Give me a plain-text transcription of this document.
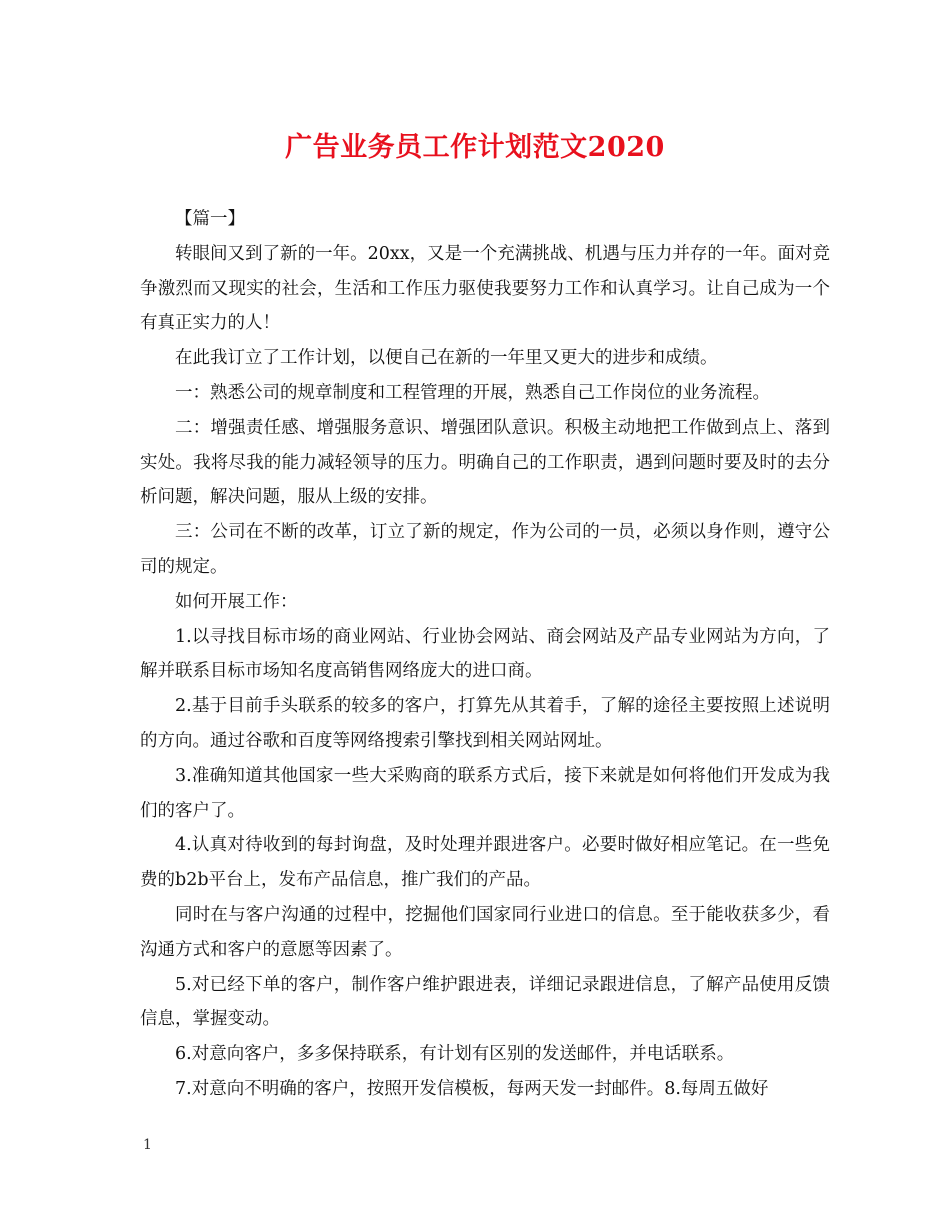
广告业务员工作计划范文2020

【篇一】

转眼间又到了新的一年。20xx，又是一个充满挑战、机遇与压力并存的一年。面对竞争激烈而又现实的社会，生活和工作压力驱使我要努力工作和认真学习。让自己成为一个有真正实力的人！

在此我订立了工作计划，以便自己在新的一年里又更大的进步和成绩。

一：熟悉公司的规章制度和工程管理的开展，熟悉自己工作岗位的业务流程。

二：增强责任感、增强服务意识、增强团队意识。积极主动地把工作做到点上、落到实处。我将尽我的能力减轻领导的压力。明确自己的工作职责，遇到问题时要及时的去分析问题，解决问题，服从上级的安排。

三：公司在不断的改革，订立了新的规定，作为公司的一员，必须以身作则，遵守公司的规定。

如何开展工作：

1.以寻找目标市场的商业网站、行业协会网站、商会网站及产品专业网站为方向，了解并联系目标市场知名度高销售网络庞大的进口商。

2.基于目前手头联系的较多的客户，打算先从其着手，了解的途径主要按照上述说明的方向。通过谷歌和百度等网络搜索引擎找到相关网站网址。

3.准确知道其他国家一些大采购商的联系方式后，接下来就是如何将他们开发成为我们的客户了。

4.认真对待收到的每封询盘，及时处理并跟进客户。必要时做好相应笔记。在一些免费的b2b平台上，发布产品信息，推广我们的产品。

同时在与客户沟通的过程中，挖掘他们国家同行业进口的信息。至于能收获多少，看沟通方式和客户的意愿等因素了。

5.对已经下单的客户，制作客户维护跟进表，详细记录跟进信息，了解产品使用反馈信息，掌握变动。

6.对意向客户，多多保持联系，有计划有区别的发送邮件，并电话联系。

7.对意向不明确的客户，按照开发信模板，每两天发一封邮件。8.每周五做好

1
